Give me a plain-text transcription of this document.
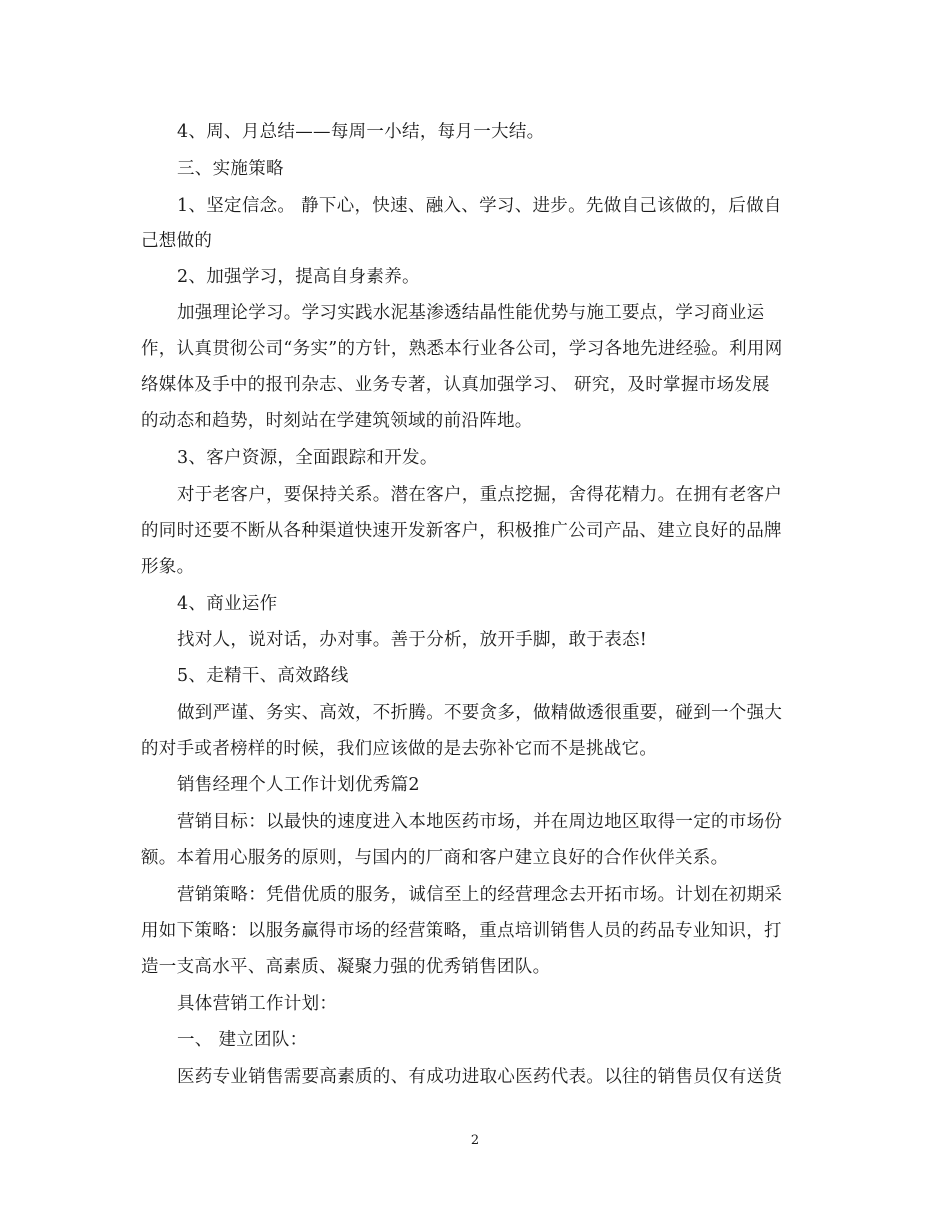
4、周、月总结——每周一小结，每月一大结。
三、实施策略
1、坚定信念。 静下心，快速、融入、学习、进步。先做自己该做的，后做自
己想做的
2、加强学习，提高自身素养。
加强理论学习。学习实践水泥基渗透结晶性能优势与施工要点，学习商业运
作，认真贯彻公司“务实”的方针，熟悉本行业各公司，学习各地先进经验。利用网
络媒体及手中的报刊杂志、业务专著，认真加强学习、 研究，及时掌握市场发展
的动态和趋势，时刻站在学建筑领域的前沿阵地。
3、客户资源，全面跟踪和开发。
对于老客户，要保持关系。潜在客户，重点挖掘，舍得花精力。在拥有老客户
的同时还要不断从各种渠道快速开发新客户，积极推广公司产品、建立良好的品牌
形象。
4、商业运作
找对人，说对话，办对事。善于分析，放开手脚，敢于表态!
5、走精干、高效路线
做到严谨、务实、高效，不折腾。不要贪多，做精做透很重要，碰到一个强大
的对手或者榜样的时候，我们应该做的是去弥补它而不是挑战它。
销售经理个人工作计划优秀篇2
营销目标：以最快的速度进入本地医药市场，并在周边地区取得一定的市场份
额。本着用心服务的原则，与国内的厂商和客户建立良好的合作伙伴关系。
营销策略：凭借优质的服务，诚信至上的经营理念去开拓市场。计划在初期采
用如下策略：以服务赢得市场的经营策略，重点培训销售人员的药品专业知识，打
造一支高水平、高素质、凝聚力强的优秀销售团队。
具体营销工作计划：
一、 建立团队：
医药专业销售需要高素质的、有成功进取心医药代表。以往的销售员仅有送货
2
